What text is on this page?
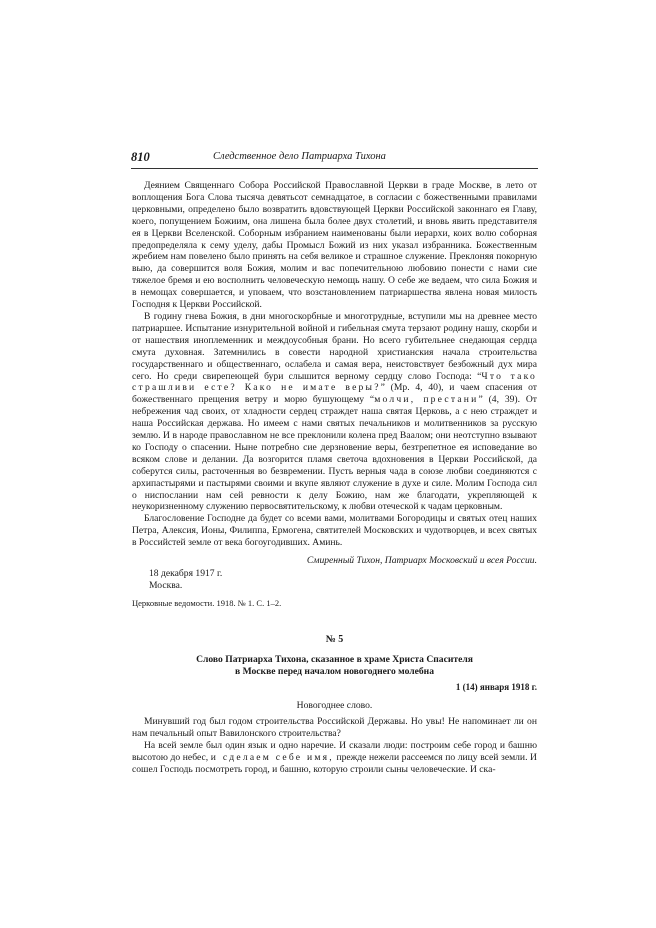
810	Следственное дело Патриарха Тихона

Деянием Священнаго Собора Российской Православной Церкви в граде Москве, в лето от воплощения Бога Слова тысяча девятьсот семнадцатое, в согласии с божественными правилами церковными, определено было возвратить вдовствующей Церкви Российской законнаго ея Главу, коего, попущением Божиим, она лишена была более двух столетий, и вновь явить представителя ея в Церкви Вселенской. Соборным избранием наименованы были иерархи, коих волю соборная предопределяла к сему уделу, дабы Промысл Божий из них указал избранника. Божественным жребием нам повелено было принять на себя великое и страшное служение. Преклоняя покорную выю, да совершится воля Божия, молим и вас попечительною любовию понести с нами сие тяжелое бремя и ею восполнить человеческую немощь нашу. О себе же ведаем, что сила Божия и в немощах совершается, и уповаем, что возстановлением патриаршества явлена новая милость Господня к Церкви Российской.

В годину гнева Божия, в дни многоскорбные и многотрудные, вступили мы на древнее место патриаршее. Испытание изнурительной войной и гибельная смута терзают родину нашу, скорби и от нашествия иноплеменник и междоусобныя брани. Но всего губительнее снедающая сердца смута духовная. Затемнились в совести народной христианския начала строительства государственнаго и общественнаго, ослабела и самая вера, неистовствует безбожный дух мира сего. Но среди свирепеющей бури слышится верному сердцу слово Господа: “Что тако страшливи есте? Како не имате веры?” (Мр. 4, 40), и чаем спасения от божественнаго прещения ветру и морю бушующему “молчи, престани” (4, 39). От небрежения чад своих, от хладности сердец страждет наша святая Церковь, а с нею страждет и наша Российская держава. Но имеем с нами святых печальников и молитвенников за русскую землю. И в народе православном не все преклонили колена пред Ваалом; они неотступно взывают ко Господу о спасении. Ныне потребно сие дерзновение веры, безтрепетное ея исповедание во всяком слове и делании. Да возгорится пламя светоча вдохновения в Церкви Российской, да соберутся силы, расточенныя во безвремении. Пусть верныя чада в союзе любви соединяются с архипастырями и пастырями своими и вкупе являют служение в духе и силе. Молим Господа сил о ниспослании нам сей ревности к делу Божию, нам же благодати, укрепляющей к неукоризненному служению первосвятительскому, к любви отеческой к чадам церковным.

Благословение Господне да будет со всеми вами, молитвами Богородицы и святых отец наших Петра, Алексия, Ионы, Филиппа, Ермогена, святителей Московских и чудотворцев, и всех святых в Российстей земле от века богоугодивших. Аминь.

Смиренный Тихон, Патриарх Московский и всея России.
18 декабря 1917 г.
Москва.
Церковные ведомости. 1918. № 1. С. 1–2.
№ 5
Слово Патриарха Тихона, сказанное в храме Христа Спасителя
в Москве перед началом новогоднего молебна
1 (14) января 1918 г.
Новогоднее слово.

Минувший год был годом строительства Российской Державы. Но увы! Не напоминает ли он нам печальный опыт Вавилонского строительства?

На всей земле был один язык и одно наречие. И сказали люди: построим себе город и башню высотою до небес, и сделаем себе имя, прежде нежели рассеемся по лицу всей земли. И сошел Господь посмотреть город, и башню, которую строили сыны человеческие. И ска-
